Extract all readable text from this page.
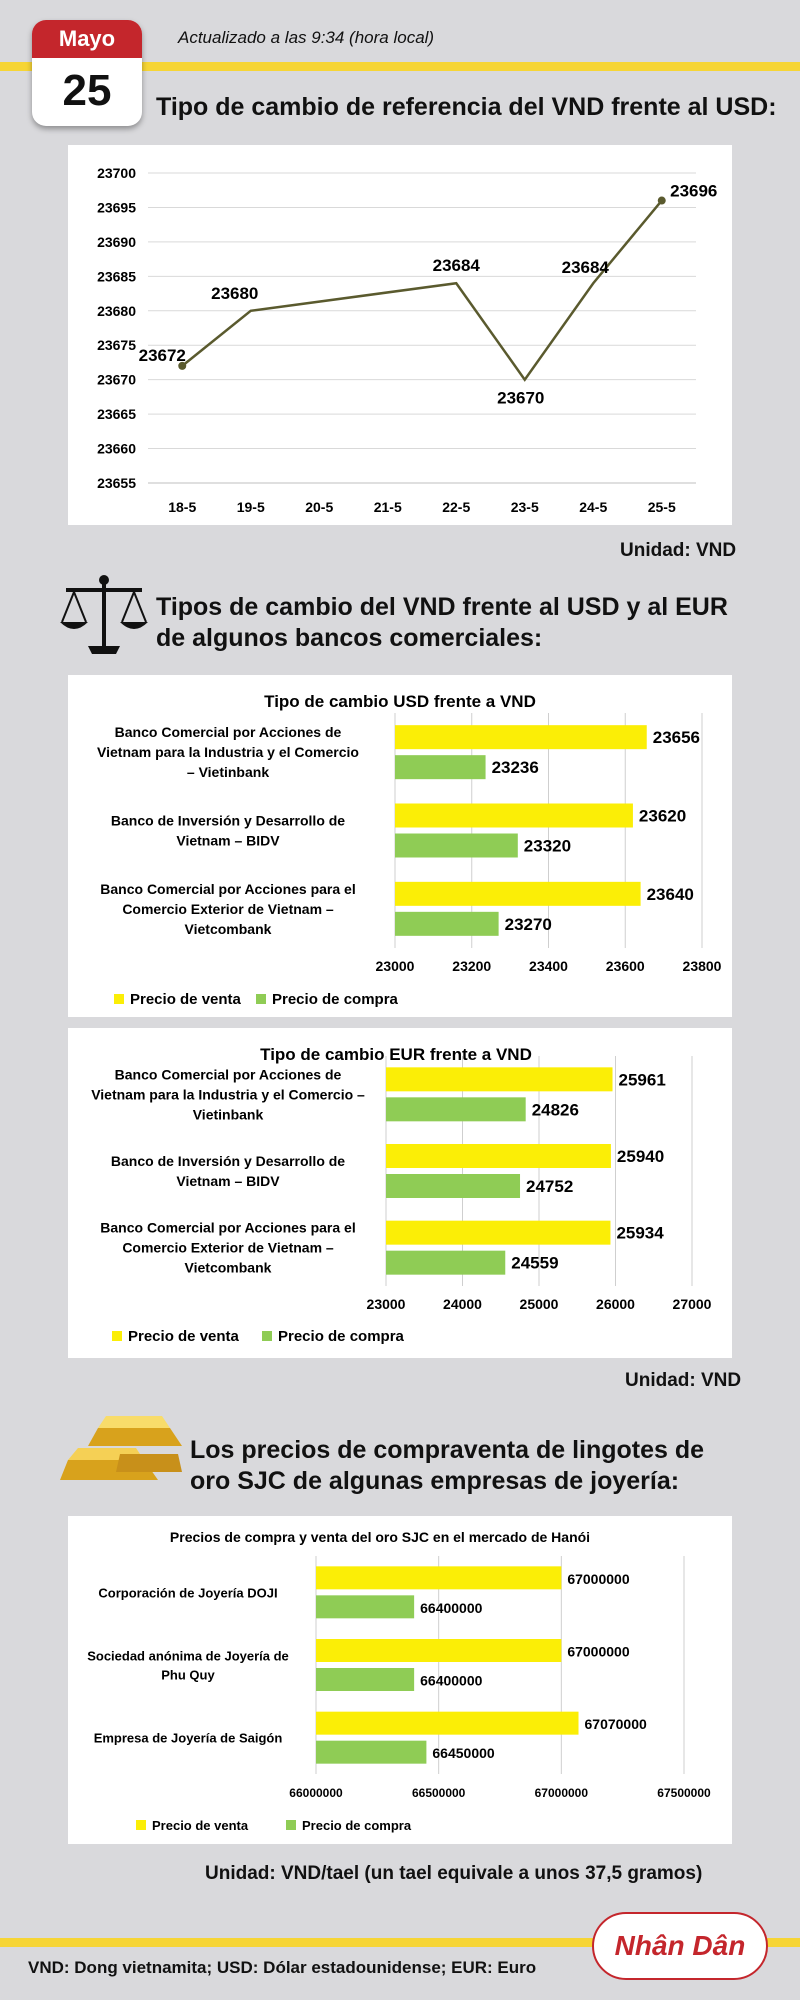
Mayo
25
Actualizado a las 9:34 (hora local)
Tipo de cambio de referencia del VND frente al USD:
23655
23660
23665
23670
23675
23680
23685
23690
23695
23700
18-5	19-5	20-5	21-5	22-5	23-5	24-5	25-5
23672
23680
23684
23670
23684
23696
Unidad: VND
Tipos de cambio del VND frente al USD y al EUR de algunos bancos comerciales:
Tipo de cambio USD frente a VND
23000	23200	23400	23600	23800
Banco Comercial por Acciones de
Vietnam para la Industria y el Comercio
– Vietinbank
23656
23236
Banco de Inversión y Desarrollo de
Vietnam – BIDV
23620
23320
Banco Comercial por Acciones para el
Comercio Exterior de Vietnam –
Vietcombank
23640
23270
Precio de venta Precio de compra
Tipo de cambio EUR frente a VND
23000	24000	25000	26000	27000
Banco Comercial por Acciones de
Vietnam para la Industria y el Comercio –
Vietinbank
25961
24826
Banco de Inversión y Desarrollo de
Vietnam – BIDV
25940
24752
Banco Comercial por Acciones para el
Comercio Exterior de Vietnam –
Vietcombank
25934
24559
Precio de venta	Precio de compra
Unidad: VND
Los precios de compraventa de lingotes de oro SJC de algunas empresas de joyería:
Precios de compra y venta del oro SJC en el mercado de Hanói
66000000	66500000	67000000	67500000
Corporación de Joyería DOJI
67000000
66400000
Sociedad anónima de Joyería de
Phu Quy
67000000
66400000
Empresa de Joyería de Saigón
67070000
66450000
Precio de venta	Precio de compra
Unidad: VND/tael (un tael equivale a unos 37,5 gramos)
Nhân Dân
VND: Dong vietnamita; USD: Dólar estadounidense; EUR: Euro
